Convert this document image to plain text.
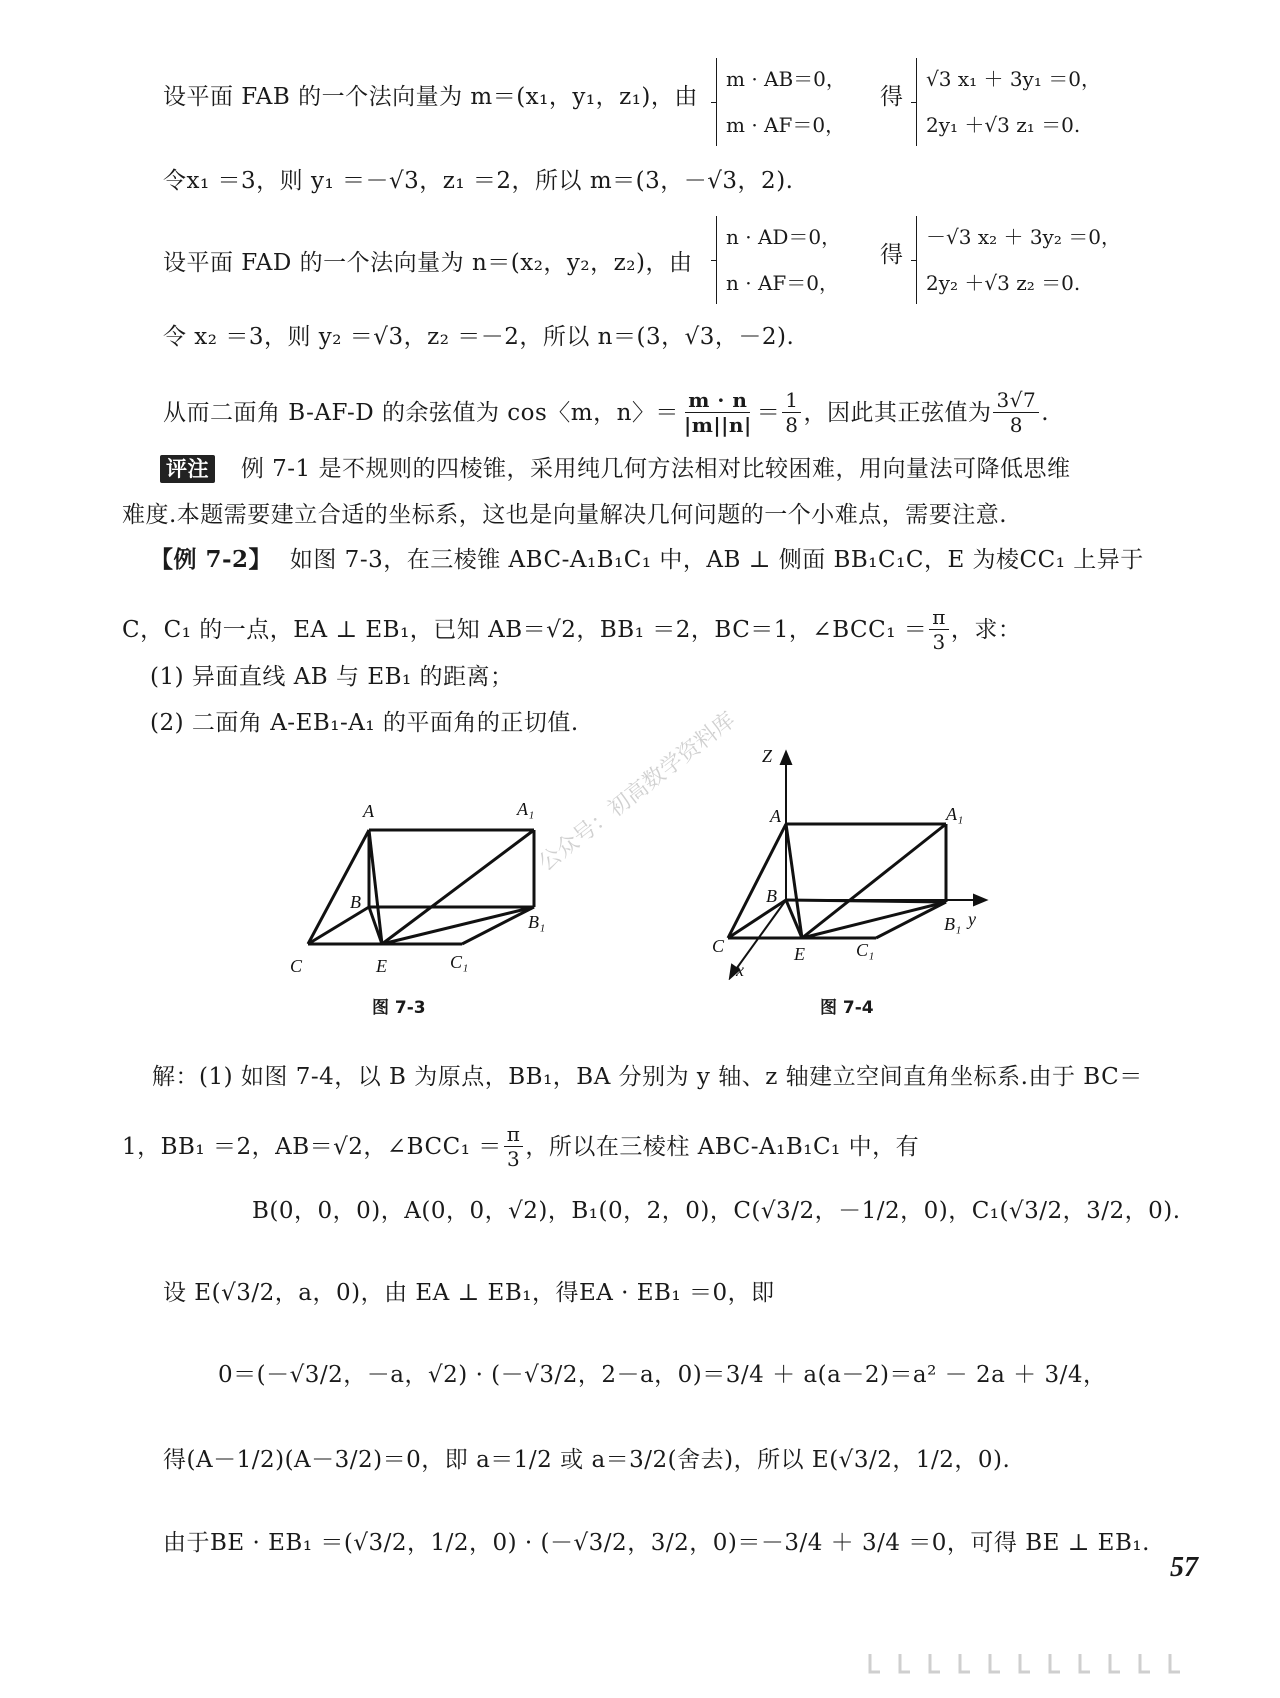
设平面 FAB 的一个法向量为 m＝(x₁，y₁，z₁)，由
m · AB＝0，
m · AF＝0，
得
√3 x₁ ＋ 3y₁ ＝0，
2y₁ ＋√3 z₁ ＝0.
令x₁ ＝3，则 y₁ ＝－√3，z₁ ＝2，所以 m＝(3，－√3，2).
设平面 FAD 的一个法向量为 n＝(x₂，y₂，z₂)，由
n · AD＝0，
n · AF＝0，
得
－√3 x₂ ＋ 3y₂ ＝0，
2y₂ ＋√3 z₂ ＝0.
令 x₂ ＝3，则 y₂ ＝√3，z₂ ＝－2，所以 n＝(3，√3，－2).
从而二面角 B-AF-D 的余弦值为 cos〈m，n〉＝ $\frac{m \cdot n}{|m||n|} = \frac{1}{8}$ ，因此其正弦值为 $\frac{3√7}{8}$ .
评注 例 7-1 是不规则的四棱锥，采用纯几何方法相对比较困难，用向量法可降低思维
难度.本题需要建立合适的坐标系，这也是向量解决几何问题的一个小难点，需要注意.
【例 7-2】 如图 7-3，在三棱锥 ABC-A₁B₁C₁ 中，AB ⊥ 侧面 BB₁C₁C，E 为棱CC₁ 上异于
C，C₁ 的一点，EA ⊥ EB₁，已知 AB＝√2，BB₁ ＝2，BC＝1，∠BCC₁ ＝ $\frac{\pi}{3}$ ，求：
(1) 异面直线 AB 与 EB₁ 的距离；
(2) 二面角 A-EB₁-A₁ 的平面角的正切值.
A	A₁
B
B₁
C	E	C₁
图 7-3
Z
A	A₁
B
B₁ y
C	E	C₁
x
图 7-4
公众号：初高数学资料库
解：(1) 如图 7-4，以 B 为原点，BB₁，BA 分别为 y 轴、z 轴建立空间直角坐标系.由于 BC＝
1，BB₁ ＝2，AB＝√2，∠BCC₁ ＝ $\frac{\pi}{3}$ ，所以在三棱柱 ABC-A₁B₁C₁ 中，有
B(0，0，0)，A(0，0，√2)，B₁(0，2，0)，C(√3/2，－1/2，0)，C₁(√3/2，3/2，0).
设 E(√3/2，a，0)，由 EA ⊥ EB₁，得EA · EB₁ ＝0，即
0＝(－√3/2，－a，√2) · (－√3/2，2－a，0)＝3/4 ＋ a(a－2)＝a² － 2a ＋ 3/4，
得(A－1/2)(A－3/2)＝0，即 a＝1/2 或 a＝3/2(舍去)，所以 E(√3/2，1/2，0).
由于BE · EB₁ ＝(√3/2，1/2，0) · (－√3/2，3/2，0)＝－3/4 ＋ 3/4 ＝0，可得 BE ⊥ EB₁.
57
